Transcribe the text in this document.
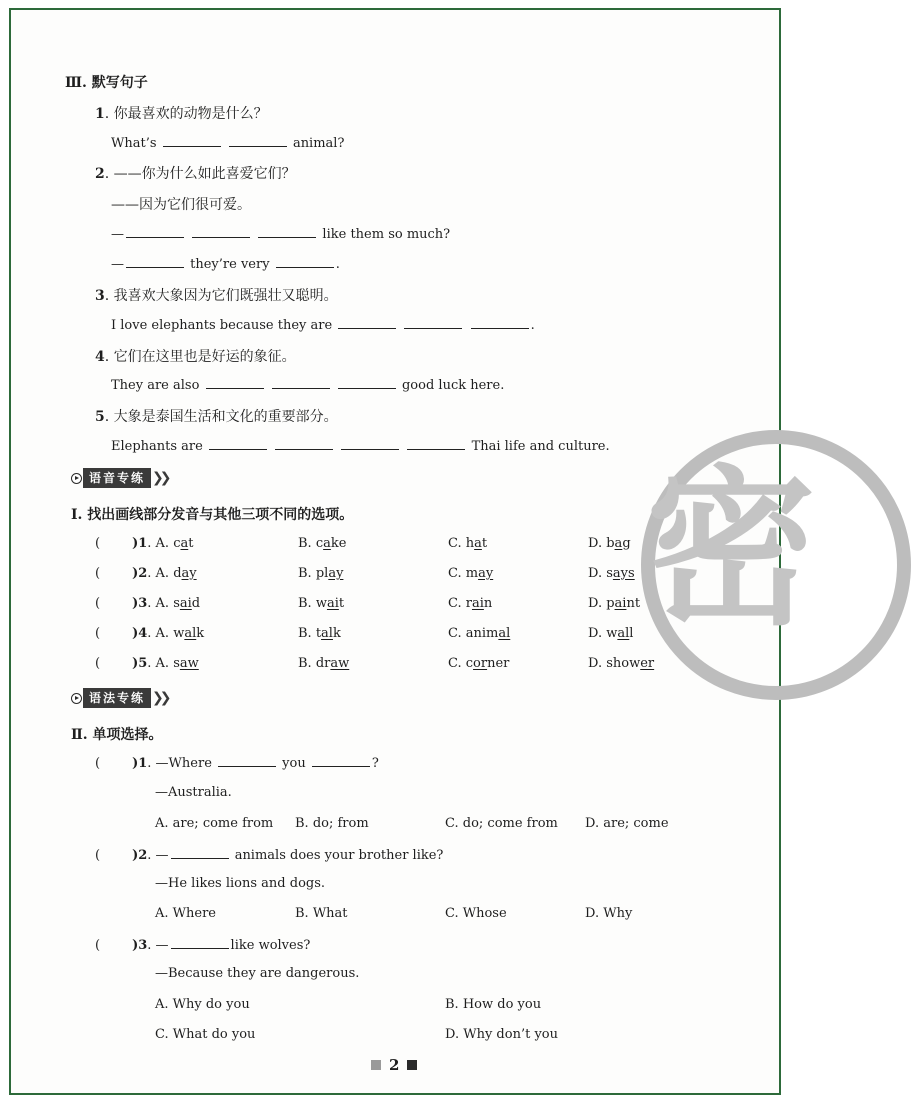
Ⅲ. 默写句子
1. 你最喜欢的动物是什么？
What’s	animal?
2. ——你为什么如此喜爱它们？
——因为它们很可爱。
—	like them so much?
—	they’re very	.
3. 我喜欢大象因为它们既强壮又聪明。
I love elephants because they are	.
4. 它们在这里也是好运的象征。
They are also	good luck here.
5. 大象是泰国生活和文化的重要部分。
Elephants are	Thai life and culture.
语音专练 ❯❯
Ⅰ. 找出画线部分发音与其他三项不同的选项。
( )1. A. cat	B. cake	C. hat	D. bag
( )2. A. day	B. play	C. may	D. says
( )3. A. said	B. wait	C. rain	D. paint
( )4. A. walk	B. talk	C. animal	D. wall
( )5. A. saw	B. draw	C. corner	D. shower
语法专练 ❯❯
Ⅱ. 单项选择。
( )1. —Where	you	?
—Australia.
A. are; come from B. do; from	C. do; come from D. are; come
( )2. —	animals does your brother like?
—He likes lions and dogs.
A. Where	B. What	C. Whose	D. Why
( )3. —	like wolves?
—Because they are dangerous.
A. Why do you	B. How do you
C. What do you	D. Why don’t you
密
2
